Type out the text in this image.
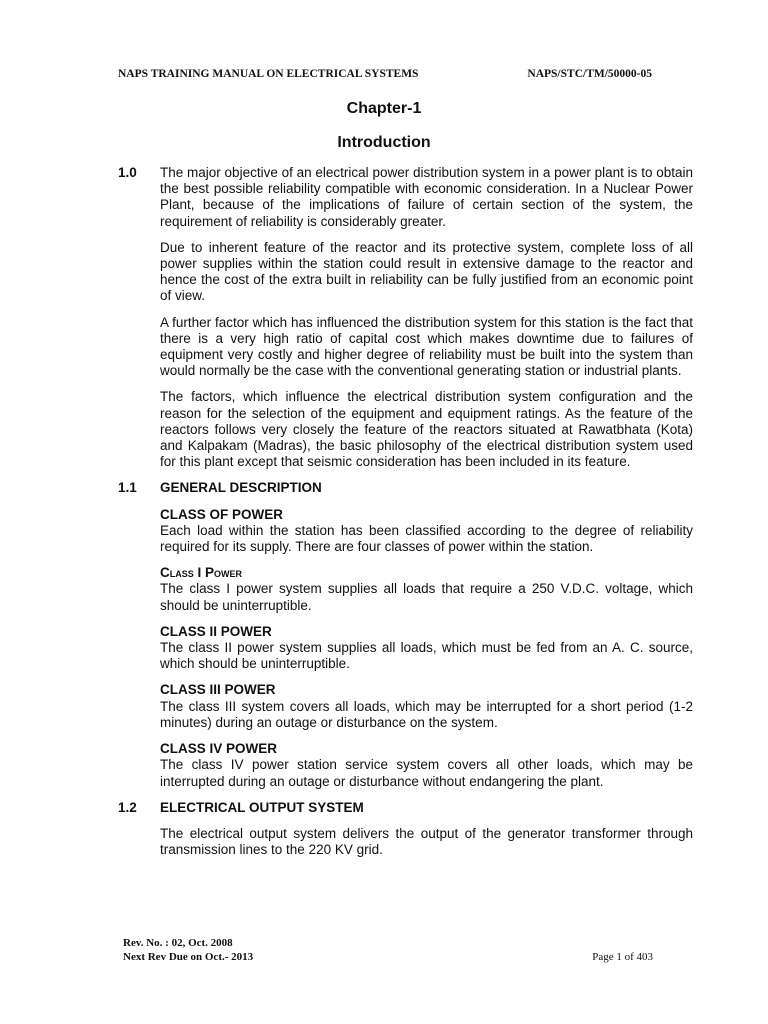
NAPS TRAINING MANUAL ON ELECTRICAL SYSTEMS	NAPS/STC/TM/50000-05
Chapter-1
Introduction
1.0 The major objective of an electrical power distribution system in a power plant is to obtain the best possible reliability compatible with economic consideration. In a Nuclear Power Plant, because of the implications of failure of certain section of the system, the requirement of reliability is considerably greater.

Due to inherent feature of the reactor and its protective system, complete loss of all power supplies within the station could result in extensive damage to the reactor and hence the cost of the extra built in reliability can be fully justified from an economic point of view.

A further factor which has influenced the distribution system for this station is the fact that there is a very high ratio of capital cost which makes downtime due to failures of equipment very costly and higher degree of reliability must be built into the system than would normally be the case with the conventional generating station or industrial plants.

The factors, which influence the electrical distribution system configuration and the reason for the selection of the equipment and equipment ratings. As the feature of the reactors follows very closely the feature of the reactors situated at Rawatbhata (Kota) and Kalpakam (Madras), the basic philosophy of the electrical distribution system used for this plant except that seismic consideration has been included in its feature.

1.1 GENERAL DESCRIPTION

CLASS OF POWER

Each load within the station has been classified according to the degree of reliability required for its supply. There are four classes of power within the station.

Class I Power

The class I power system supplies all loads that require a 250 V.D.C. voltage, which should be uninterruptible.

CLASS II POWER

The class II power system supplies all loads, which must be fed from an A. C. source, which should be uninterruptible.

CLASS III POWER

The class III system covers all loads, which may be interrupted for a short period (1-2 minutes) during an outage or disturbance on the system.

CLASS IV POWER

The class IV power station service system covers all other loads, which may be interrupted during an outage or disturbance without endangering the plant.

1.2 ELECTRICAL OUTPUT SYSTEM

The electrical output system delivers the output of the generator transformer through transmission lines to the 220 KV grid.

Rev. No. : 02, Oct. 2008
Next Rev Due on Oct.- 2013	Page 1 of 403
